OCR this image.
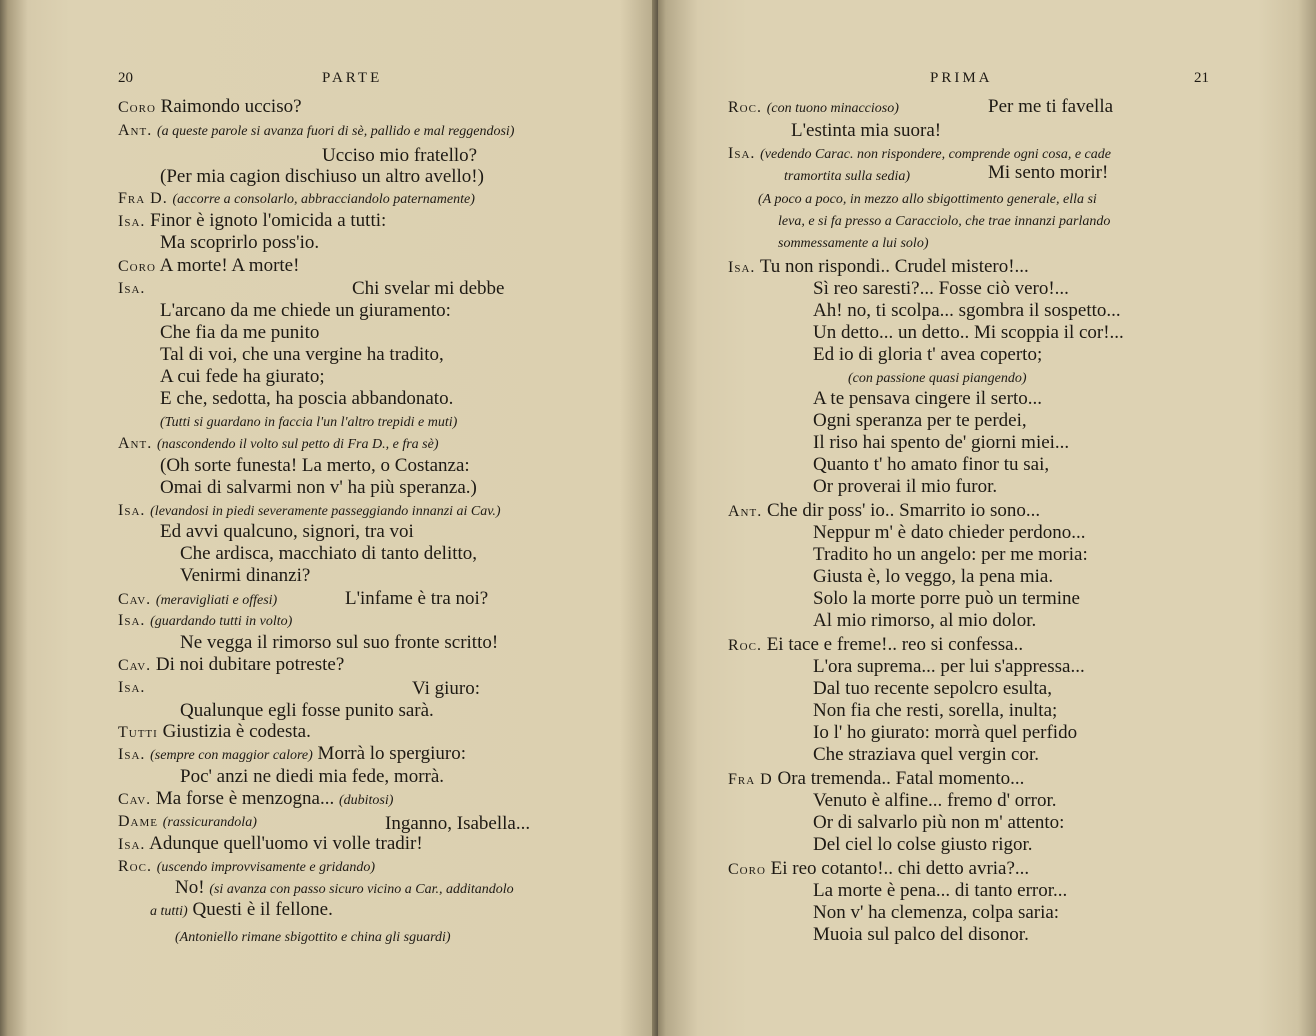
20	PARTE
Coro Raimondo ucciso?
Ant. (a queste parole si avanza fuori di sè, pallido e mal reggendosi)
Ucciso mio fratello?
(Per mia cagion dischiuso un altro avello!)
Fra D. (accorre a consolarlo, abbracciandolo paternamente)
Isa. Finor è ignoto l'omicida a tutti:
Ma scoprirlo poss'io.
Coro A morte! A morte!
Isa.	Chi svelar mi debbe
L'arcano da me chiede un giuramento:
Che fia da me punito
Tal di voi, che una vergine ha tradito,
A cui fede ha giurato;
E che, sedotta, ha poscia abbandonato.
(Tutti si guardano in faccia l'un l'altro trepidi e muti)
Ant. (nascondendo il volto sul petto di Fra D., e fra sè)
(Oh sorte funesta! La merto, o Costanza:
Omai di salvarmi non v' ha più speranza.)
Isa. (levandosi in piedi severamente passeggiando innanzi ai Cav.)
Ed avvi qualcuno, signori, tra voi
Che ardisca, macchiato di tanto delitto,
Venirmi dinanzi?
Cav. (meravigliati e offesi)	L'infame è tra noi?
Isa. (guardando tutti in volto)
Ne vegga il rimorso sul suo fronte scritto!
Cav. Di noi dubitare potreste?
Isa.	Vi giuro:
Qualunque egli fosse punito sarà.
Tutti Giustizia è codesta.
Isa. (sempre con maggior calore) Morrà lo spergiuro:
Poc' anzi ne diedi mia fede, morrà.
Cav. Ma forse è menzogna... (dubitosi)
Dame (rassicurandola)	Inganno, Isabella...
Isa. Adunque quell'uomo vi volle tradir!
Roc. (uscendo improvvisamente e gridando)
No! (si avanza con passo sicuro vicino a Car., additandolo
a tutti) Questi è il fellone.
(Antoniello rimane sbigottito e china gli sguardi)
PRIMA	21
Roc. (con tuono minaccioso)	Per me ti favella
L'estinta mia suora!
Isa. (vedendo Carac. non rispondere, comprende ogni cosa, e cade
tramortita sulla sedia)	Mi sento morir!
(A poco a poco, in mezzo allo sbigottimento generale, ella si
leva, e si fa presso a Caracciolo, che trae innanzi parlando
sommessamente a lui solo)
Isa. Tu non rispondi.. Crudel mistero!...
Sì reo saresti?... Fosse ciò vero!...
Ah! no, ti scolpa... sgombra il sospetto...
Un detto... un detto.. Mi scoppia il cor!...
Ed io di gloria t' avea coperto;
(con passione quasi piangendo)
A te pensava cingere il serto...
Ogni speranza per te perdei,
Il riso hai spento de' giorni miei...
Quanto t' ho amato finor tu sai,
Or proverai il mio furor.
Ant. Che dir poss' io.. Smarrito io sono...
Neppur m' è dato chieder perdono...
Tradito ho un angelo: per me moria:
Giusta è, lo veggo, la pena mia.
Solo la morte porre può un termine
Al mio rimorso, al mio dolor.
Roc. Ei tace e freme!.. reo si confessa..
L'ora suprema... per lui s'appressa...
Dal tuo recente sepolcro esulta,
Non fia che resti, sorella, inulta;
Io l' ho giurato: morrà quel perfido
Che straziava quel vergin cor.
Fra D Ora tremenda.. Fatal momento...
Venuto è alfine... fremo d' orror.
Or di salvarlo più non m' attento:
Del ciel lo colse giusto rigor.
Coro Ei reo cotanto!.. chi detto avria?...
La morte è pena... di tanto error...
Non v' ha clemenza, colpa saria:
Muoia sul palco del disonor.
